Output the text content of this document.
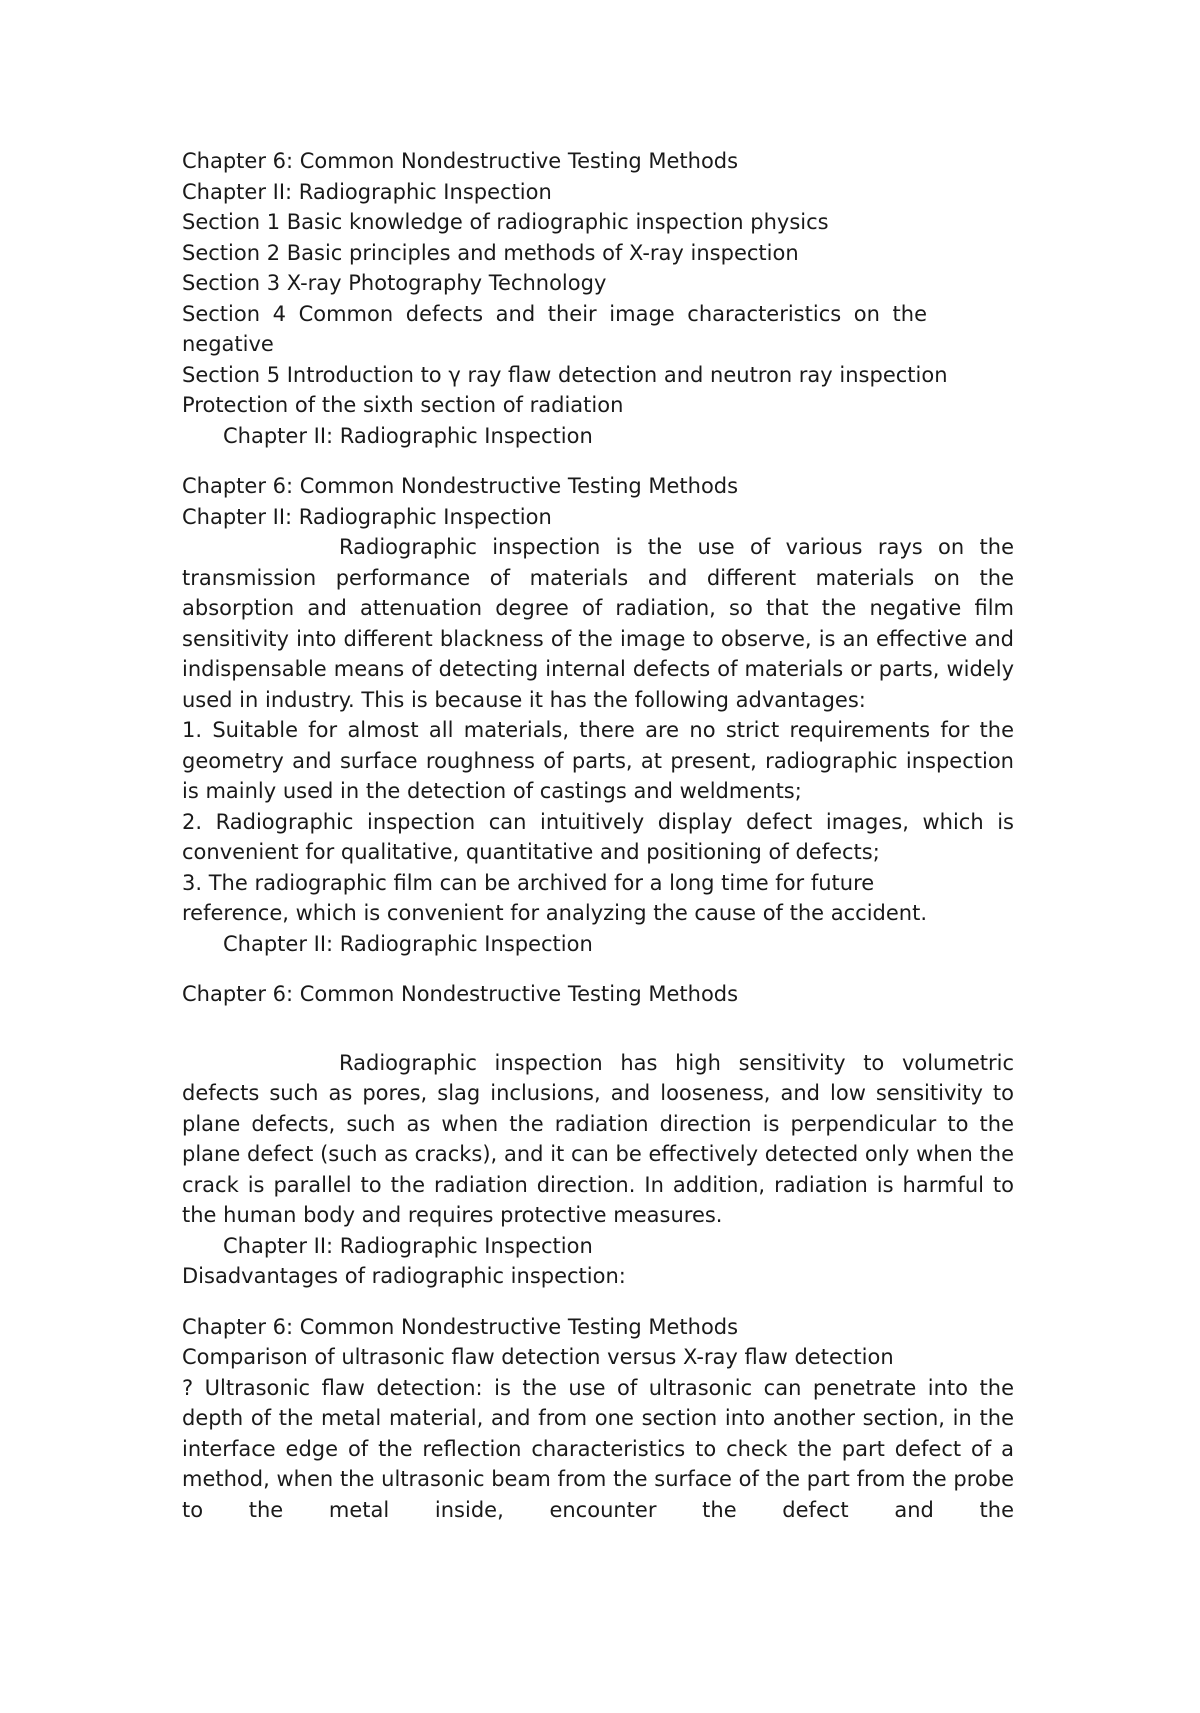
Chapter 6: Common Nondestructive Testing Methods
Chapter II: Radiographic Inspection
Section 1 Basic knowledge of radiographic inspection physics
Section 2 Basic principles and methods of X-ray inspection
Section 3 X-ray Photography Technology
Section 4 Common defects and their image characteristics on the negative
Section 5 Introduction to γ ray flaw detection and neutron ray inspection
Protection of the sixth section of radiation
Chapter II: Radiographic Inspection
Chapter 6: Common Nondestructive Testing Methods
Chapter II: Radiographic Inspection
Radiographic inspection is the use of various rays on the transmission performance of materials and different materials on the absorption and attenuation degree of radiation, so that the negative film sensitivity into different blackness of the image to observe, is an effective and indispensable means of detecting internal defects of materials or parts, widely used in industry. This is because it has the following advantages:
1. Suitable for almost all materials, there are no strict requirements for the geometry and surface roughness of parts, at present, radiographic inspection is mainly used in the detection of castings and weldments;
2. Radiographic inspection can intuitively display defect images, which is convenient for qualitative, quantitative and positioning of defects;
3. The radiographic film can be archived for a long time for future reference, which is convenient for analyzing the cause of the accident.
Chapter II: Radiographic Inspection
Chapter 6: Common Nondestructive Testing Methods
Radiographic inspection has high sensitivity to volumetric defects such as pores, slag inclusions, and looseness, and low sensitivity to plane defects, such as when the radiation direction is perpendicular to the plane defect (such as cracks), and it can be effectively detected only when the crack is parallel to the radiation direction. In addition, radiation is harmful to the human body and requires protective measures.
Chapter II: Radiographic Inspection
Disadvantages of radiographic inspection:
Chapter 6: Common Nondestructive Testing Methods
Comparison of ultrasonic flaw detection versus X-ray flaw detection
? Ultrasonic flaw detection: is the use of ultrasonic can penetrate into the depth of the metal material, and from one section into another section, in the interface edge of the reflection characteristics to check the part defect of a method, when the ultrasonic beam from the surface of the part from the probe to the metal inside, encounter the defect and the
